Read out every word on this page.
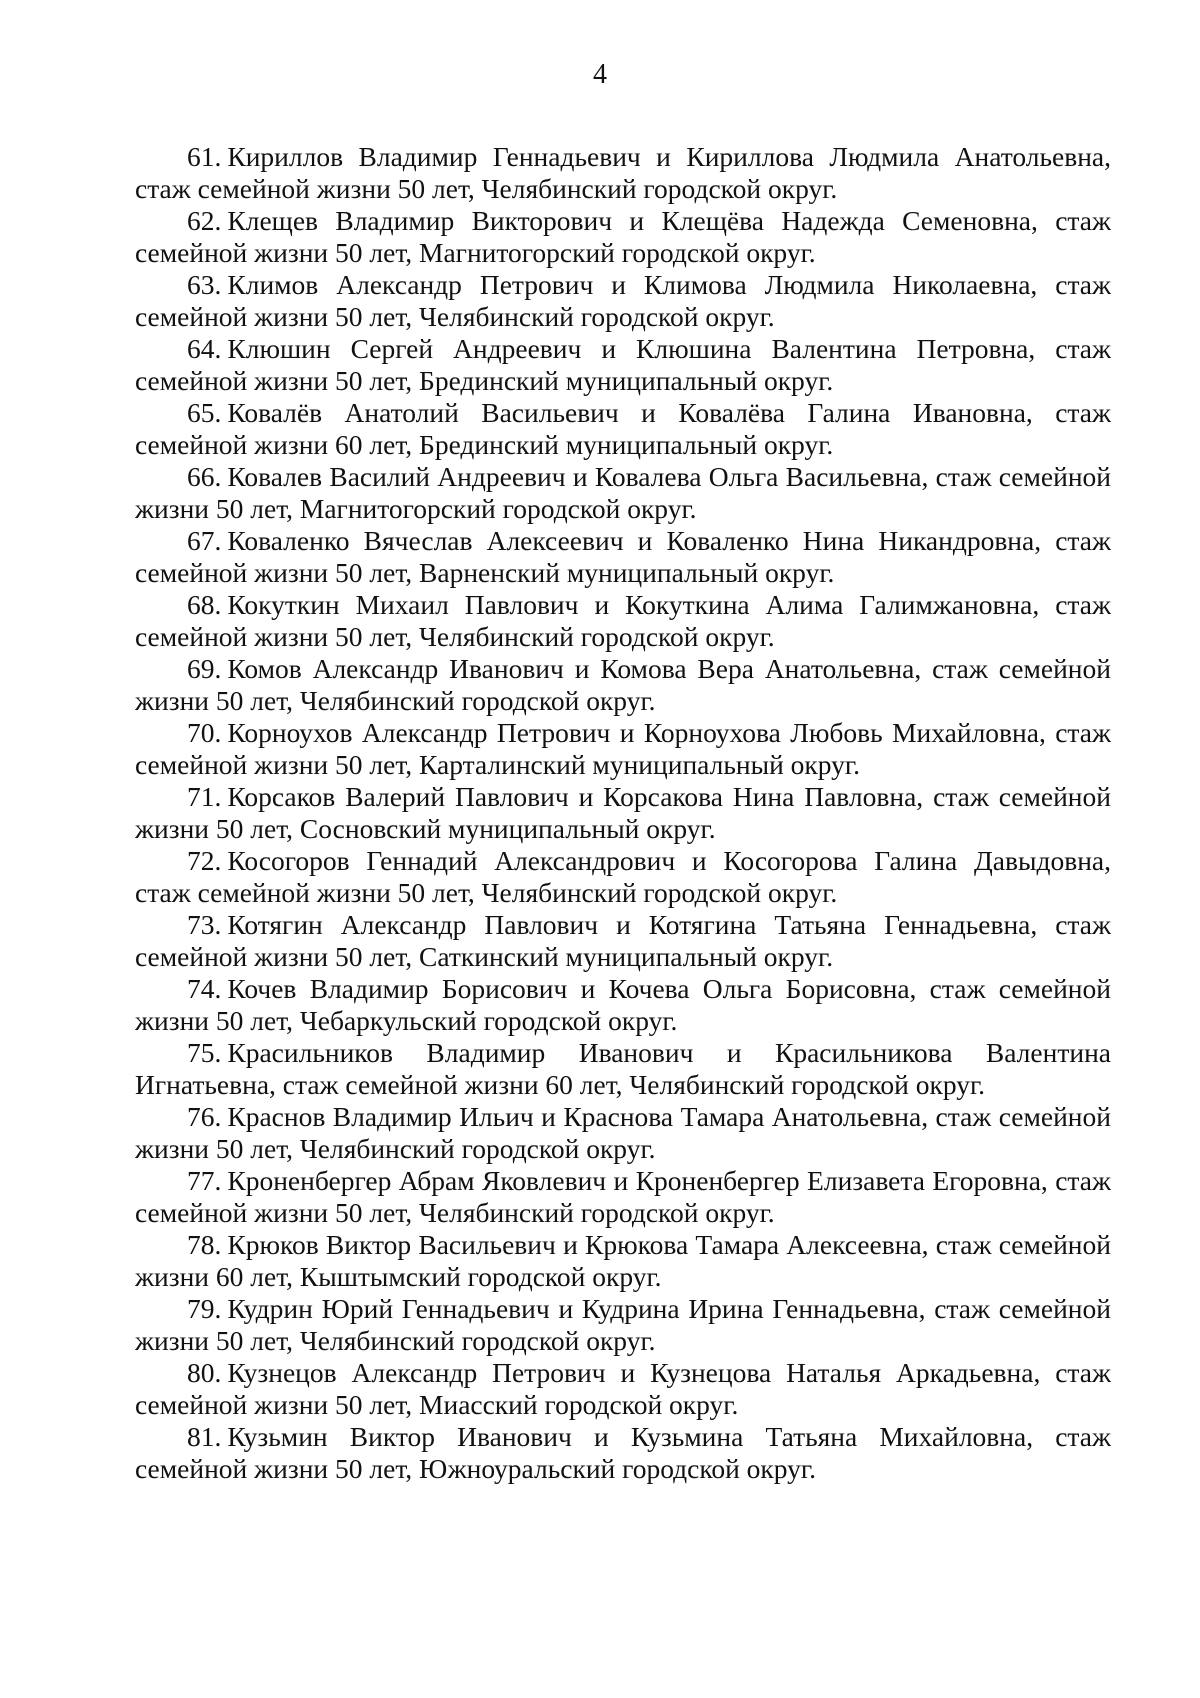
4

61. Кириллов Владимир Геннадьевич и Кириллова Людмила Анатольевна, стаж семейной жизни 50 лет, Челябинский городской округ.

62. Клещев Владимир Викторович и Клещёва Надежда Семеновна, стаж семейной жизни 50 лет, Магнитогорский городской округ.

63. Климов Александр Петрович и Климова Людмила Николаевна, стаж семейной жизни 50 лет, Челябинский городской округ.

64. Клюшин Сергей Андреевич и Клюшина Валентина Петровна, стаж семейной жизни 50 лет, Брединский муниципальный округ.

65. Ковалёв Анатолий Васильевич и Ковалёва Галина Ивановна, стаж семейной жизни 60 лет, Брединский муниципальный округ.

66. Ковалев Василий Андреевич и Ковалева Ольга Васильевна, стаж семейной жизни 50 лет, Магнитогорский городской округ.

67. Коваленко Вячеслав Алексеевич и Коваленко Нина Никандровна, стаж семейной жизни 50 лет, Варненский муниципальный округ.

68. Кокуткин Михаил Павлович и Кокуткина Алима Галимжановна, стаж семейной жизни 50 лет, Челябинский городской округ.

69. Комов Александр Иванович и Комова Вера Анатольевна, стаж семейной жизни 50 лет, Челябинский городской округ.

70. Корноухов Александр Петрович и Корноухова Любовь Михайловна, стаж семейной жизни 50 лет, Карталинский муниципальный округ.

71. Корсаков Валерий Павлович и Корсакова Нина Павловна, стаж семейной жизни 50 лет, Сосновский муниципальный округ.

72. Косогоров Геннадий Александрович и Косогорова Галина Давыдовна, стаж семейной жизни 50 лет, Челябинский городской округ.

73. Котягин Александр Павлович и Котягина Татьяна Геннадьевна, стаж семейной жизни 50 лет, Саткинский муниципальный округ.

74. Кочев Владимир Борисович и Кочева Ольга Борисовна, стаж семейной жизни 50 лет, Чебаркульский городской округ.

75. Красильников Владимир Иванович и Красильникова Валентина Игнатьевна, стаж семейной жизни 60 лет, Челябинский городской округ.

76. Краснов Владимир Ильич и Краснова Тамара Анатольевна, стаж семейной жизни 50 лет, Челябинский городской округ.

77. Кроненбергер Абрам Яковлевич и Кроненбергер Елизавета Егоровна, стаж семейной жизни 50 лет, Челябинский городской округ.

78. Крюков Виктор Васильевич и Крюкова Тамара Алексеевна, стаж семейной жизни 60 лет, Кыштымский городской округ.

79. Кудрин Юрий Геннадьевич и Кудрина Ирина Геннадьевна, стаж семейной жизни 50 лет, Челябинский городской округ.

80. Кузнецов Александр Петрович и Кузнецова Наталья Аркадьевна, стаж семейной жизни 50 лет, Миасский городской округ.

81. Кузьмин Виктор Иванович и Кузьмина Татьяна Михайловна, стаж семейной жизни 50 лет, Южноуральский городской округ.
